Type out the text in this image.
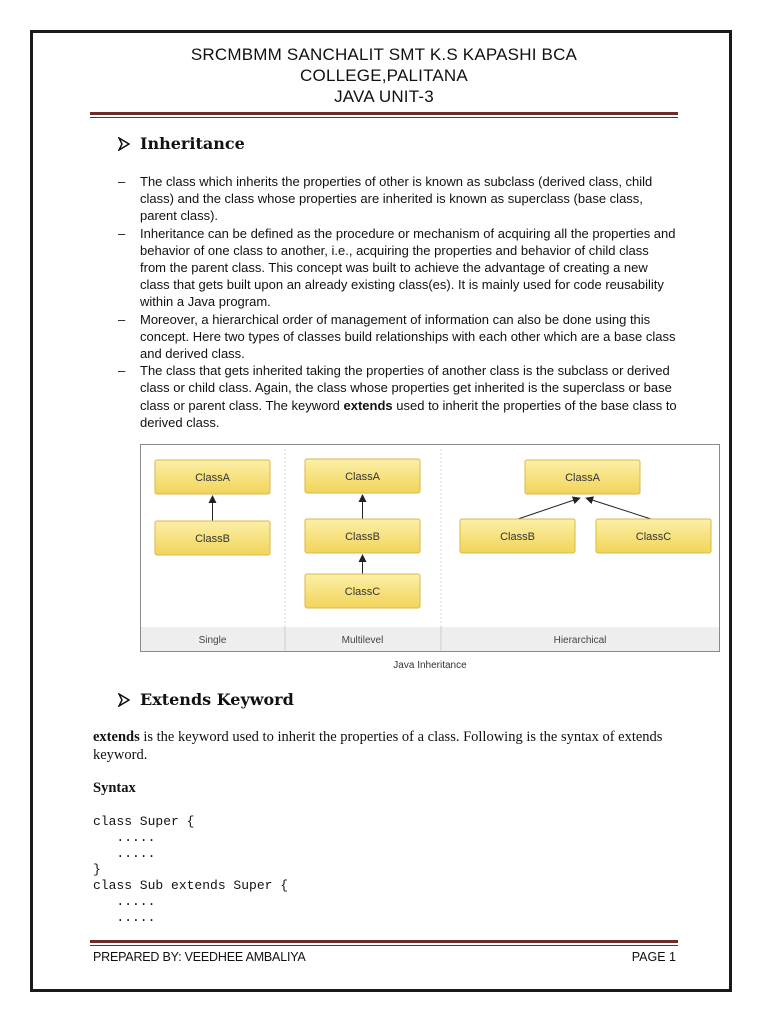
SRCMBMM SANCHALIT SMT K.S KAPASHI BCA
COLLEGE,PALITANA
JAVA UNIT-3
Inheritance
– The class which inherits the properties of other is known as subclass (derived class, child class) and the class whose properties are inherited is known as superclass (base class, parent class).
– Inheritance can be defined as the procedure or mechanism of acquiring all the properties and behavior of one class to another, i.e., acquiring the properties and behavior of child class from the parent class. This concept was built to achieve the advantage of creating a new class that gets built upon an already existing class(es). It is mainly used for code reusability within a Java program.
– Moreover, a hierarchical order of management of information can also be done using this concept. Here two types of classes build relationships with each other which are a base class and derived class.
– The class that gets inherited taking the properties of another class is the subclass or derived class or child class. Again, the class whose properties get inherited is the superclass or base class or parent class. The keyword extends used to inherit the properties of the base class to derived class.
ClassA
ClassB
Single
ClassA
ClassB
ClassC
Multilevel
ClassA
ClassB	ClassC
Hierarchical
Java Inheritance
Extends Keyword
extends is the keyword used to inherit the properties of a class. Following is the syntax of extends keyword.
Syntax
class Super {
.....
.....
}
class Sub extends Super {
.....
.....
PREPARED BY: VEEDHEE AMBALIYA	PAGE 1
